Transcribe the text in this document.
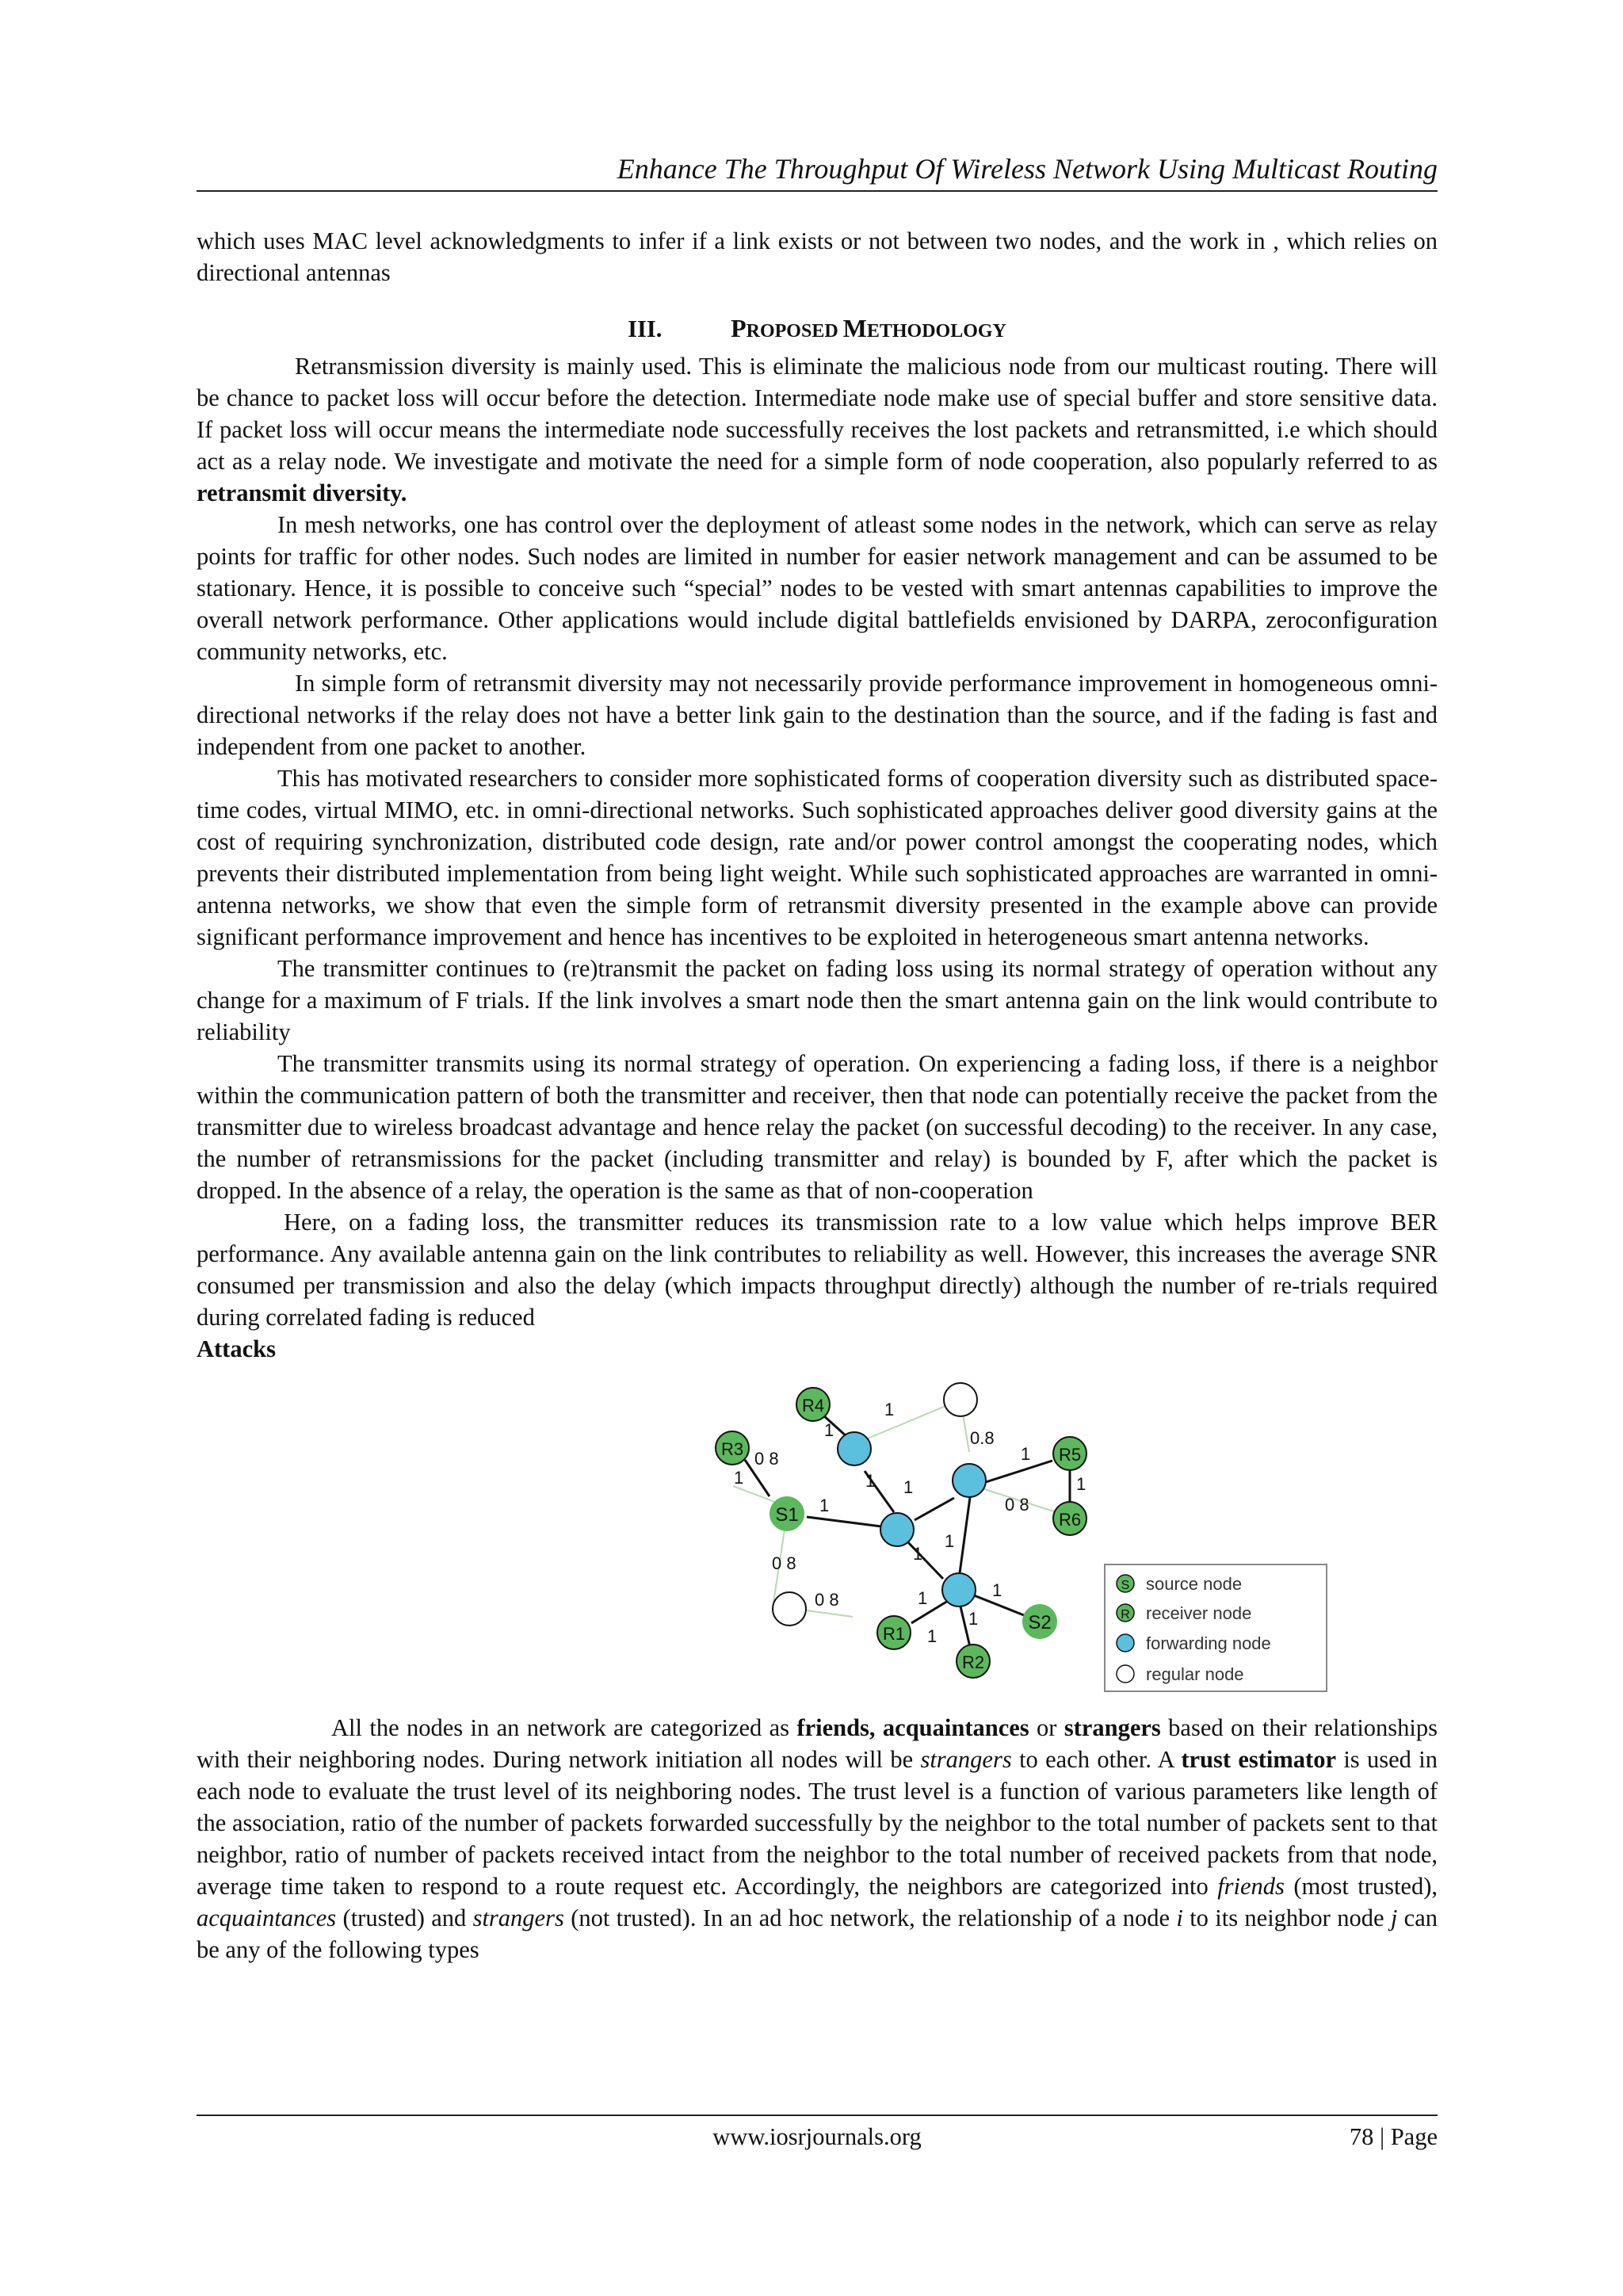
Enhance The Throughput Of Wireless Network Using Multicast Routing

which uses MAC level acknowledgments to infer if a link exists or not between two nodes, and the work in , which relies on directional antennas

III.	PROPOSED METHODOLOGY

Retransmission diversity is mainly used. This is eliminate the malicious node from our multicast routing. There will be chance to packet loss will occur before the detection. Intermediate node make use of special buffer and store sensitive data. If packet loss will occur means the intermediate node successfully receives the lost packets and retransmitted, i.e which should act as a relay node. We investigate and motivate the need for a simple form of node cooperation, also popularly referred to as retransmit diversity.

In mesh networks, one has control over the deployment of atleast some nodes in the network, which can serve as relay points for traffic for other nodes. Such nodes are limited in number for easier network management and can be assumed to be stationary. Hence, it is possible to conceive such “special” nodes to be vested with smart antennas capabilities to improve the overall network performance. Other applications would include digital battlefields envisioned by DARPA, zeroconfiguration community networks, etc.

In simple form of retransmit diversity may not necessarily provide performance improvement in homogeneous omni-directional networks if the relay does not have a better link gain to the destination than the source, and if the fading is fast and independent from one packet to another.

This has motivated researchers to consider more sophisticated forms of cooperation diversity such as distributed space-time codes, virtual MIMO, etc. in omni-directional networks. Such sophisticated approaches deliver good diversity gains at the cost of requiring synchronization, distributed code design, rate and/or power control amongst the cooperating nodes, which prevents their distributed implementation from being light weight. While such sophisticated approaches are warranted in omni-antenna networks, we show that even the simple form of retransmit diversity presented in the example above can provide significant performance improvement and hence has incentives to be exploited in heterogeneous smart antenna networks.

The transmitter continues to (re)transmit the packet on fading loss using its normal strategy of operation without any change for a maximum of F trials. If the link involves a smart node then the smart antenna gain on the link would contribute to reliability

The transmitter transmits using its normal strategy of operation. On experiencing a fading loss, if there is a neighbor within the communication pattern of both the transmitter and receiver, then that node can potentially receive the packet from the transmitter due to wireless broadcast advantage and hence relay the packet (on successful decoding) to the receiver. In any case, the number of retransmissions for the packet (including transmitter and relay) is bounded by F, after which the packet is dropped. In the absence of a relay, the operation is the same as that of non-cooperation

Here, on a fading loss, the transmitter reduces its transmission rate to a low value which helps improve BER performance. Any available antenna gain on the link contributes to reliability as well. However, this increases the average SNR consumed per transmission and also the delay (which impacts throughput directly) although the number of re-trials required during correlated fading is reduced

Attacks

R4
R3	R5
S1	R6
S2
R1
R2
1
1
1
0 8
1
1
1
0.8
1
1
0 8
1
1
0 8
0 8	1
1
1
1	S source node
R receiver node
forwarding node
regular node

All the nodes in an network are categorized as friends, acquaintances or strangers based on their relationships with their neighboring nodes. During network initiation all nodes will be strangers to each other. A trust estimator is used in each node to evaluate the trust level of its neighboring nodes. The trust level is a function of various parameters like length of the association, ratio of the number of packets forwarded successfully by the neighbor to the total number of packets sent to that neighbor, ratio of number of packets received intact from the neighbor to the total number of received packets from that node, average time taken to respond to a route request etc. Accordingly, the neighbors are categorized into friends (most trusted), acquaintances (trusted) and strangers (not trusted). In an ad hoc network, the relationship of a node i to its neighbor node j can be any of the following types

www.iosrjournals.org	78 | Page
